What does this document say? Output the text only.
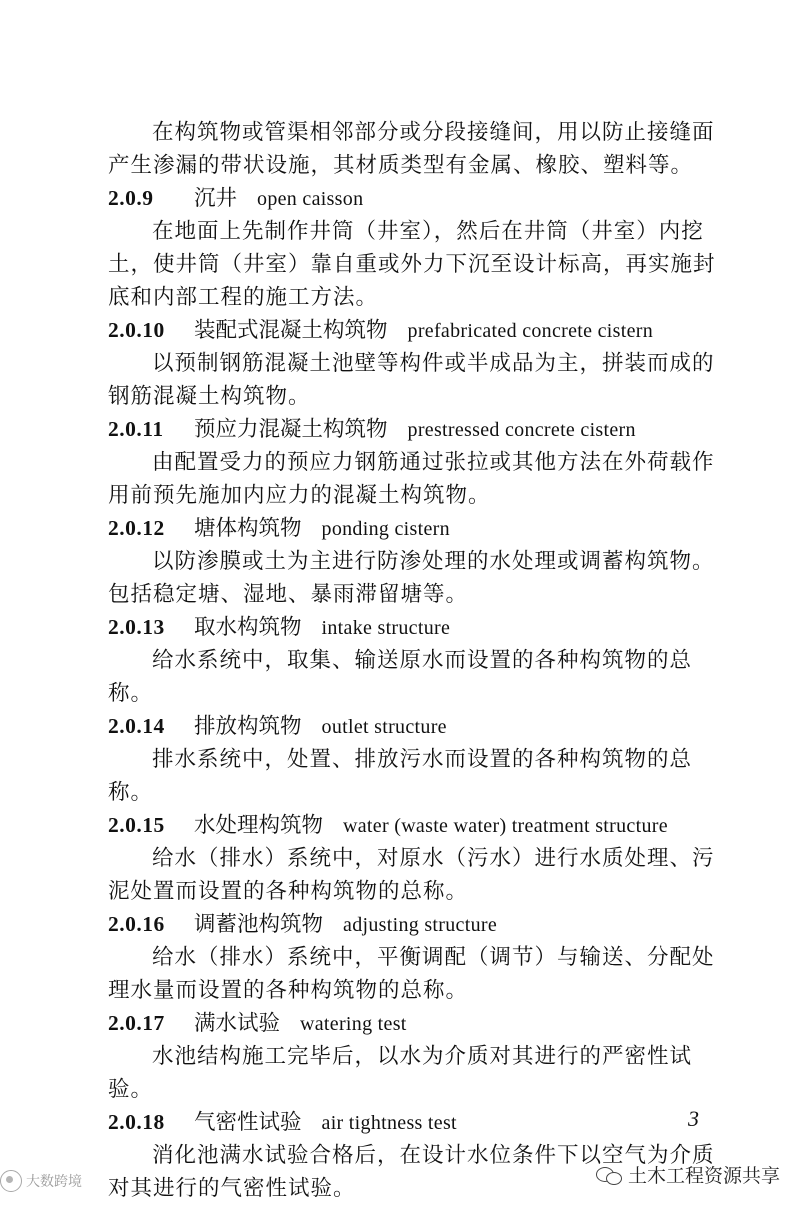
在构筑物或管渠相邻部分或分段接缝间，用以防止接缝面产生渗漏的带状设施，其材质类型有金属、橡胶、塑料等。

2.0.9 沉井 open caisson

在地面上先制作井筒（井室），然后在井筒（井室）内挖土，使井筒（井室）靠自重或外力下沉至设计标高，再实施封底和内部工程的施工方法。

2.0.10 装配式混凝土构筑物 prefabricated concrete cistern

以预制钢筋混凝土池壁等构件或半成品为主，拼装而成的钢筋混凝土构筑物。

2.0.11 预应力混凝土构筑物 prestressed concrete cistern

由配置受力的预应力钢筋通过张拉或其他方法在外荷载作用前预先施加内应力的混凝土构筑物。

2.0.12 塘体构筑物 ponding cistern

以防渗膜或土为主进行防渗处理的水处理或调蓄构筑物。包括稳定塘、湿地、暴雨滞留塘等。

2.0.13 取水构筑物 intake structure

给水系统中，取集、输送原水而设置的各种构筑物的总称。

2.0.14 排放构筑物 outlet structure

排水系统中，处置、排放污水而设置的各种构筑物的总称。

2.0.15 水处理构筑物 water (waste water) treatment structure

给水（排水）系统中，对原水（污水）进行水质处理、污泥处置而设置的各种构筑物的总称。

2.0.16 调蓄池构筑物 adjusting structure

给水（排水）系统中，平衡调配（调节）与输送、分配处理水量而设置的各种构筑物的总称。

2.0.17 满水试验 watering test

水池结构施工完毕后，以水为介质对其进行的严密性试验。

2.0.18 气密性试验 air tightness test

消化池满水试验合格后，在设计水位条件下以空气为介质对其进行的气密性试验。

3
大数跨境	土木工程资源共享
